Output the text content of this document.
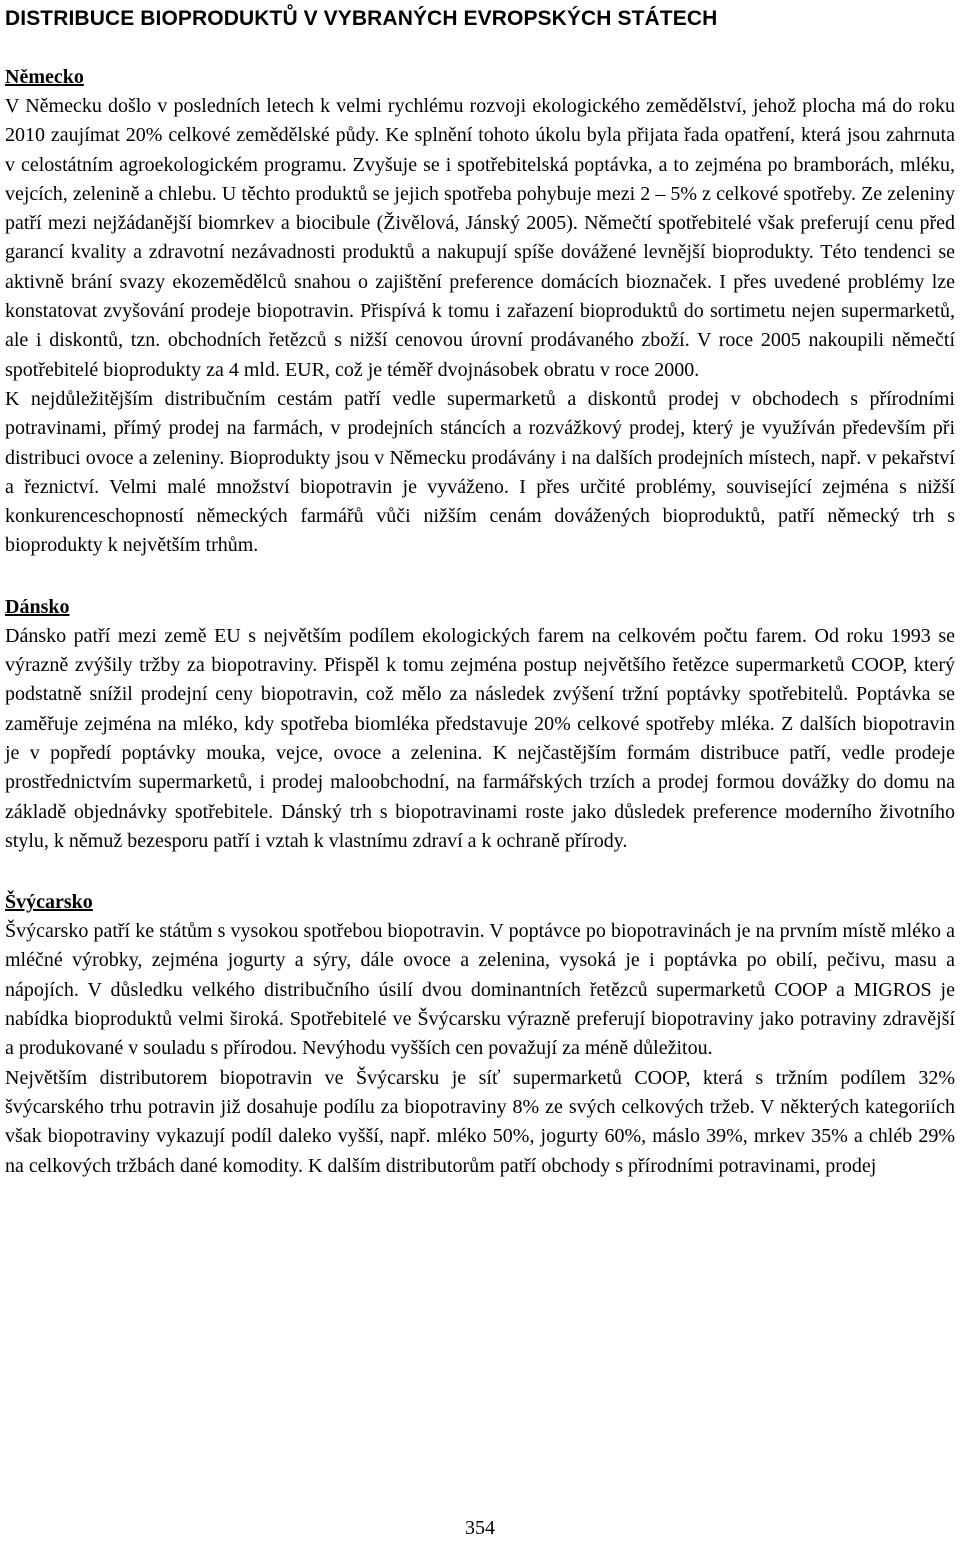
DISTRIBUCE BIOPRODUKTŮ V VYBRANÝCH EVROPSKÝCH STÁTECH
Německo

V Německu došlo v posledních letech k velmi rychlému rozvoji ekologického zemědělství, jehož plocha má do roku 2010 zaujímat 20% celkové zemědělské půdy. Ke splnění tohoto úkolu byla přijata řada opatření, která jsou zahrnuta v celostátním agroekologickém programu. Zvyšuje se i spotřebitelská poptávka, a to zejména po bramborách, mléku, vejcích, zelenině a chlebu. U těchto produktů se jejich spotřeba pohybuje mezi 2 – 5% z celkové spotřeby. Ze zeleniny patří mezi nejžádanější biomrkev a biocibule (Živělová, Jánský 2005). Němečtí spotřebitelé však preferují cenu před garancí kvality a zdravotní nezávadnosti produktů a nakupují spíše dovážené levnější bioprodukty. Této tendenci se aktivně brání svazy ekozemědělců snahou o zajištění preference domácích bioznaček. I přes uvedené problémy lze konstatovat zvyšování prodeje biopotravin. Přispívá k tomu i zařazení bioproduktů do sortimetu nejen supermarketů, ale i diskontů, tzn. obchodních řetězců s nižší cenovou úrovní prodávaného zboží. V roce 2005 nakoupili němečtí spotřebitelé bioprodukty za 4 mld. EUR, což je téměř dvojnásobek obratu v roce 2000.

K nejdůležitějším distribučním cestám patří vedle supermarketů a diskontů prodej v obchodech s přírodními potravinami, přímý prodej na farmách, v prodejních stáncích a rozvážkový prodej, který je využíván především při distribuci ovoce a zeleniny. Bioprodukty jsou v Německu prodávány i na dalších prodejních místech, např. v pekařství a řeznictví. Velmi malé množství biopotravin je vyváženo. I přes určité problémy, související zejména s nižší konkurenceschopností německých farmářů vůči nižším cenám dovážených bioproduktů, patří německý trh s bioprodukty k největším trhům.

Dánsko

Dánsko patří mezi země EU s největším podílem ekologických farem na celkovém počtu farem. Od roku 1993 se výrazně zvýšily tržby za biopotraviny. Přispěl k tomu zejména postup největšího řetězce supermarketů COOP, který podstatně snížil prodejní ceny biopotravin, což mělo za následek zvýšení tržní poptávky spotřebitelů. Poptávka se zaměřuje zejména na mléko, kdy spotřeba biomléka představuje 20% celkové spotřeby mléka. Z dalších biopotravin je v popředí poptávky mouka, vejce, ovoce a zelenina. K nejčastějším formám distribuce patří, vedle prodeje prostřednictvím supermarketů, i prodej maloobchodní, na farmářských trzích a prodej formou dovážky do domu na základě objednávky spotřebitele. Dánský trh s biopotravinami roste jako důsledek preference moderního životního stylu, k němuž bezesporu patří i vztah k vlastnímu zdraví a k ochraně přírody.

Švýcarsko

Švýcarsko patří ke státům s vysokou spotřebou biopotravin. V poptávce po biopotravinách je na prvním místě mléko a mléčné výrobky, zejména jogurty a sýry, dále ovoce a zelenina, vysoká je i poptávka po obilí, pečivu, masu a nápojích. V důsledku velkého distribučního úsilí dvou dominantních řetězců supermarketů COOP a MIGROS je nabídka bioproduktů velmi široká. Spotřebitelé ve Švýcarsku výrazně preferují biopotraviny jako potraviny zdravější a produkované v souladu s přírodou. Nevýhodu vyšších cen považují za méně důležitou.

Největším distributorem biopotravin ve Švýcarsku je síť supermarketů COOP, která s tržním podílem 32% švýcarského trhu potravin již dosahuje podílu za biopotraviny 8% ze svých celkových tržeb. V některých kategoriích však biopotraviny vykazují podíl daleko vyšší, např. mléko 50%, jogurty 60%, máslo 39%, mrkev 35% a chléb 29% na celkových tržbách dané komodity. K dalším distributorům patří obchody s přírodními potravinami, prodej

354
